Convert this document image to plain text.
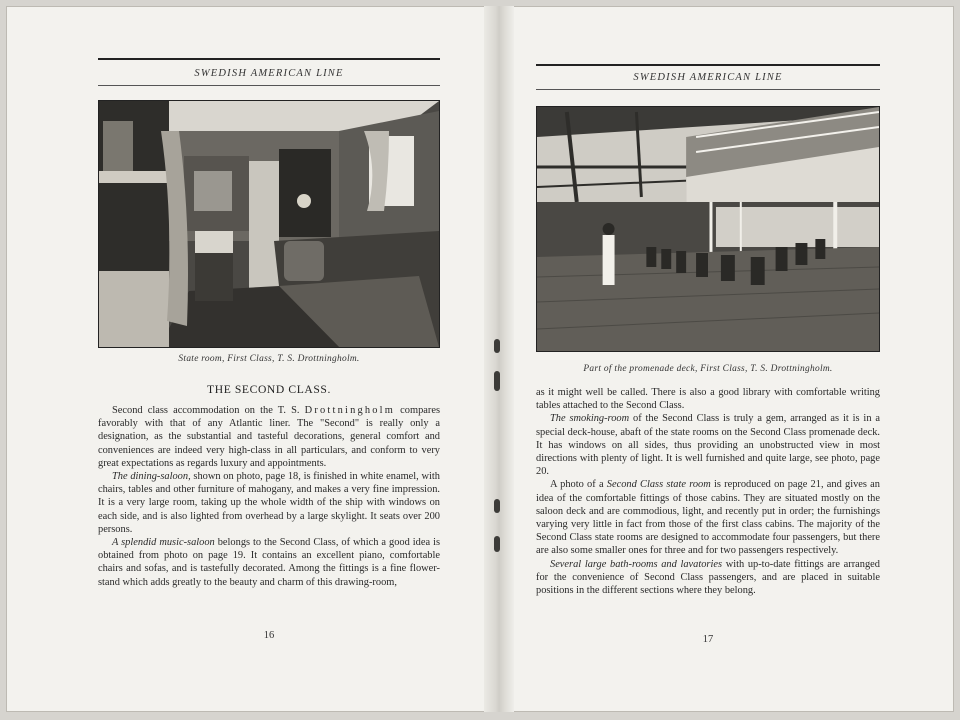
SWEDISH AMERICAN LINE
State room, First Class, T. S. Drottningholm.
THE SECOND CLASS.

Second class accommodation on the T. S. Drottningholm compares favorably with that of any Atlantic liner. The "Second" is really only a designation, as the substantial and tasteful decorations, general comfort and conveniences are indeed very high-class in all particulars, and conform to very great expectations as regards luxury and appointments.

The dining-saloon, shown on photo, page 18, is finished in white enamel, with chairs, tables and other furniture of mahogany, and makes a very fine impression. It is a very large room, taking up the whole width of the ship with windows on each side, and is also lighted from overhead by a large skylight. It seats over 200 persons.

A splendid music-saloon belongs to the Second Class, of which a good idea is obtained from photo on page 19. It contains an excellent piano, comfortable chairs and sofas, and is tastefully decorated. Among the fittings is a fine flower-stand which adds greatly to the beauty and charm of this drawing-room,

16
SWEDISH AMERICAN LINE
Part of the promenade deck, First Class, T. S. Drottningholm.

as it might well be called. There is also a good library with comfortable writing tables attached to the Second Class.

The smoking-room of the Second Class is truly a gem, arranged as it is in a special deck-house, abaft of the state rooms on the Second Class promenade deck. It has windows on all sides, thus providing an unobstructed view in most directions with plenty of light. It is well furnished and quite large, see photo, page 20.

A photo of a Second Class state room is reproduced on page 21, and gives an idea of the comfortable fittings of those cabins. They are situated mostly on the saloon deck and are commodious, light, and recently put in order; the furnishings varying very little in fact from those of the first class cabins. The majority of the Second Class state rooms are designed to accommodate four passengers, but there are also some smaller ones for three and for two passengers respectively.

Several large bath-rooms and lavatories with up-to-date fittings are arranged for the convenience of Second Class passengers, and are placed in suitable positions in the different sections where they belong.

17
